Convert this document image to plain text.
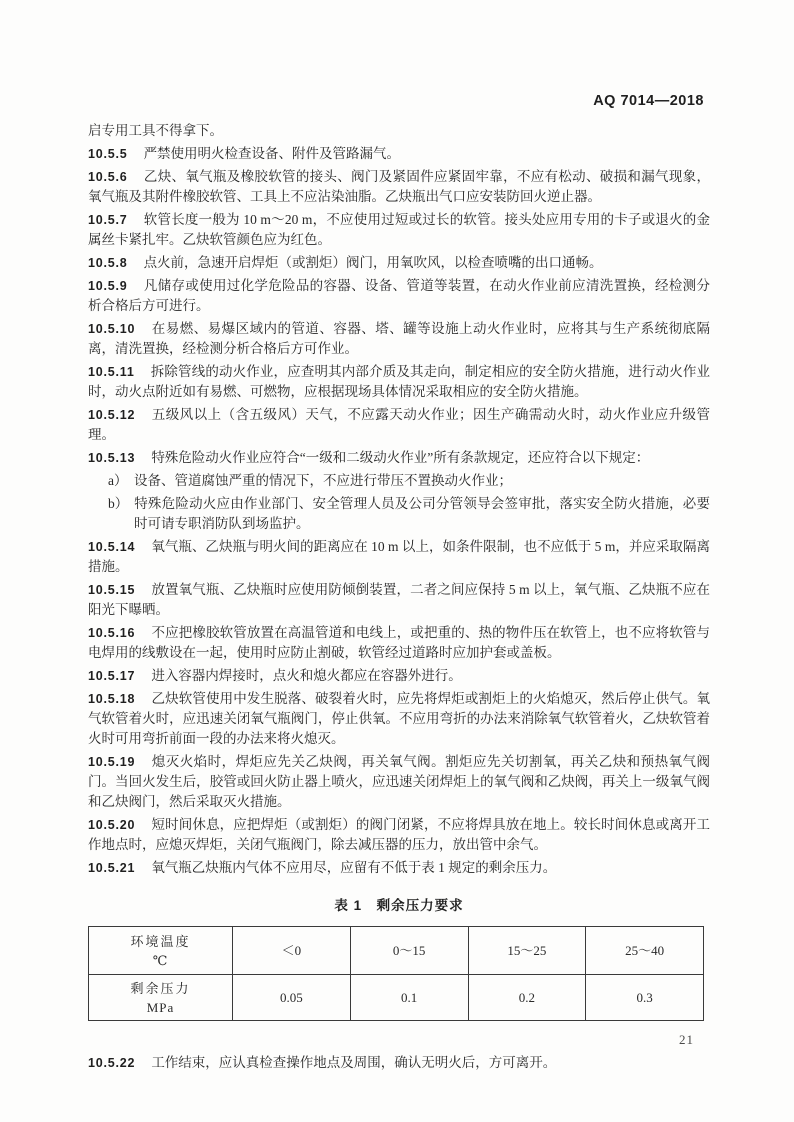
AQ 7014—2018

启专用工具不得拿下。

10.5.5 严禁使用明火检查设备、附件及管路漏气。

10.5.6 乙炔、氧气瓶及橡胶软管的接头、阀门及紧固件应紧固牢靠，不应有松动、破损和漏气现象，氧气瓶及其附件橡胶软管、工具上不应沾染油脂。乙炔瓶出气口应安装防回火逆止器。

10.5.7 软管长度一般为 10 m～20 m，不应使用过短或过长的软管。接头处应用专用的卡子或退火的金属丝卡紧扎牢。乙炔软管颜色应为红色。

10.5.8 点火前，急速开启焊炬（或割炬）阀门，用氧吹风，以检查喷嘴的出口通畅。

10.5.9 凡储存或使用过化学危险品的容器、设备、管道等装置，在动火作业前应清洗置换，经检测分析合格后方可进行。

10.5.10 在易燃、易爆区域内的管道、容器、塔、罐等设施上动火作业时，应将其与生产系统彻底隔离，清洗置换，经检测分析合格后方可作业。

10.5.11 拆除管线的动火作业，应查明其内部介质及其走向，制定相应的安全防火措施，进行动火作业时，动火点附近如有易燃、可燃物，应根据现场具体情况采取相应的安全防火措施。

10.5.12 五级风以上（含五级风）天气，不应露天动火作业；因生产确需动火时，动火作业应升级管理。

10.5.13 特殊危险动火作业应符合“一级和二级动火作业”所有条款规定，还应符合以下规定：

a） 设备、管道腐蚀严重的情况下，不应进行带压不置换动火作业；

b） 特殊危险动火应由作业部门、安全管理人员及公司分管领导会签审批，落实安全防火措施，必要时可请专职消防队到场监护。

10.5.14 氧气瓶、乙炔瓶与明火间的距离应在 10 m 以上，如条件限制，也不应低于 5 m，并应采取隔离措施。

10.5.15 放置氧气瓶、乙炔瓶时应使用防倾倒装置，二者之间应保持 5 m 以上，氧气瓶、乙炔瓶不应在阳光下曝晒。

10.5.16 不应把橡胶软管放置在高温管道和电线上，或把重的、热的物件压在软管上，也不应将软管与电焊用的线敷设在一起，使用时应防止割破，软管经过道路时应加护套或盖板。

10.5.17 进入容器内焊接时，点火和熄火都应在容器外进行。

10.5.18 乙炔软管使用中发生脱落、破裂着火时，应先将焊炬或割炬上的火焰熄灭，然后停止供气。氧气软管着火时，应迅速关闭氧气瓶阀门，停止供氧。不应用弯折的办法来消除氧气软管着火，乙炔软管着火时可用弯折前面一段的办法来将火熄灭。

10.5.19 熄灭火焰时，焊炬应先关乙炔阀，再关氧气阀。割炬应先关切割氧，再关乙炔和预热氧气阀门。当回火发生后，胶管或回火防止器上喷火，应迅速关闭焊炬上的氧气阀和乙炔阀，再关上一级氧气阀和乙炔阀门，然后采取灭火措施。

10.5.20 短时间休息，应把焊炬（或割炬）的阀门闭紧，不应将焊具放在地上。较长时间休息或离开工作地点时，应熄灭焊炬，关闭气瓶阀门，除去减压器的压力，放出管中余气。

10.5.21 氧气瓶乙炔瓶内气体不应用尽，应留有不低于表 1 规定的剩余压力。

表 1　剩余压力要求
环境温度
℃	＜0	0～15	15～25	25～40

剩余压力
MPa	0.05	0.1	0.2	0.3

10.5.22 工作结束，应认真检查操作地点及周围，确认无明火后，方可离开。

21
